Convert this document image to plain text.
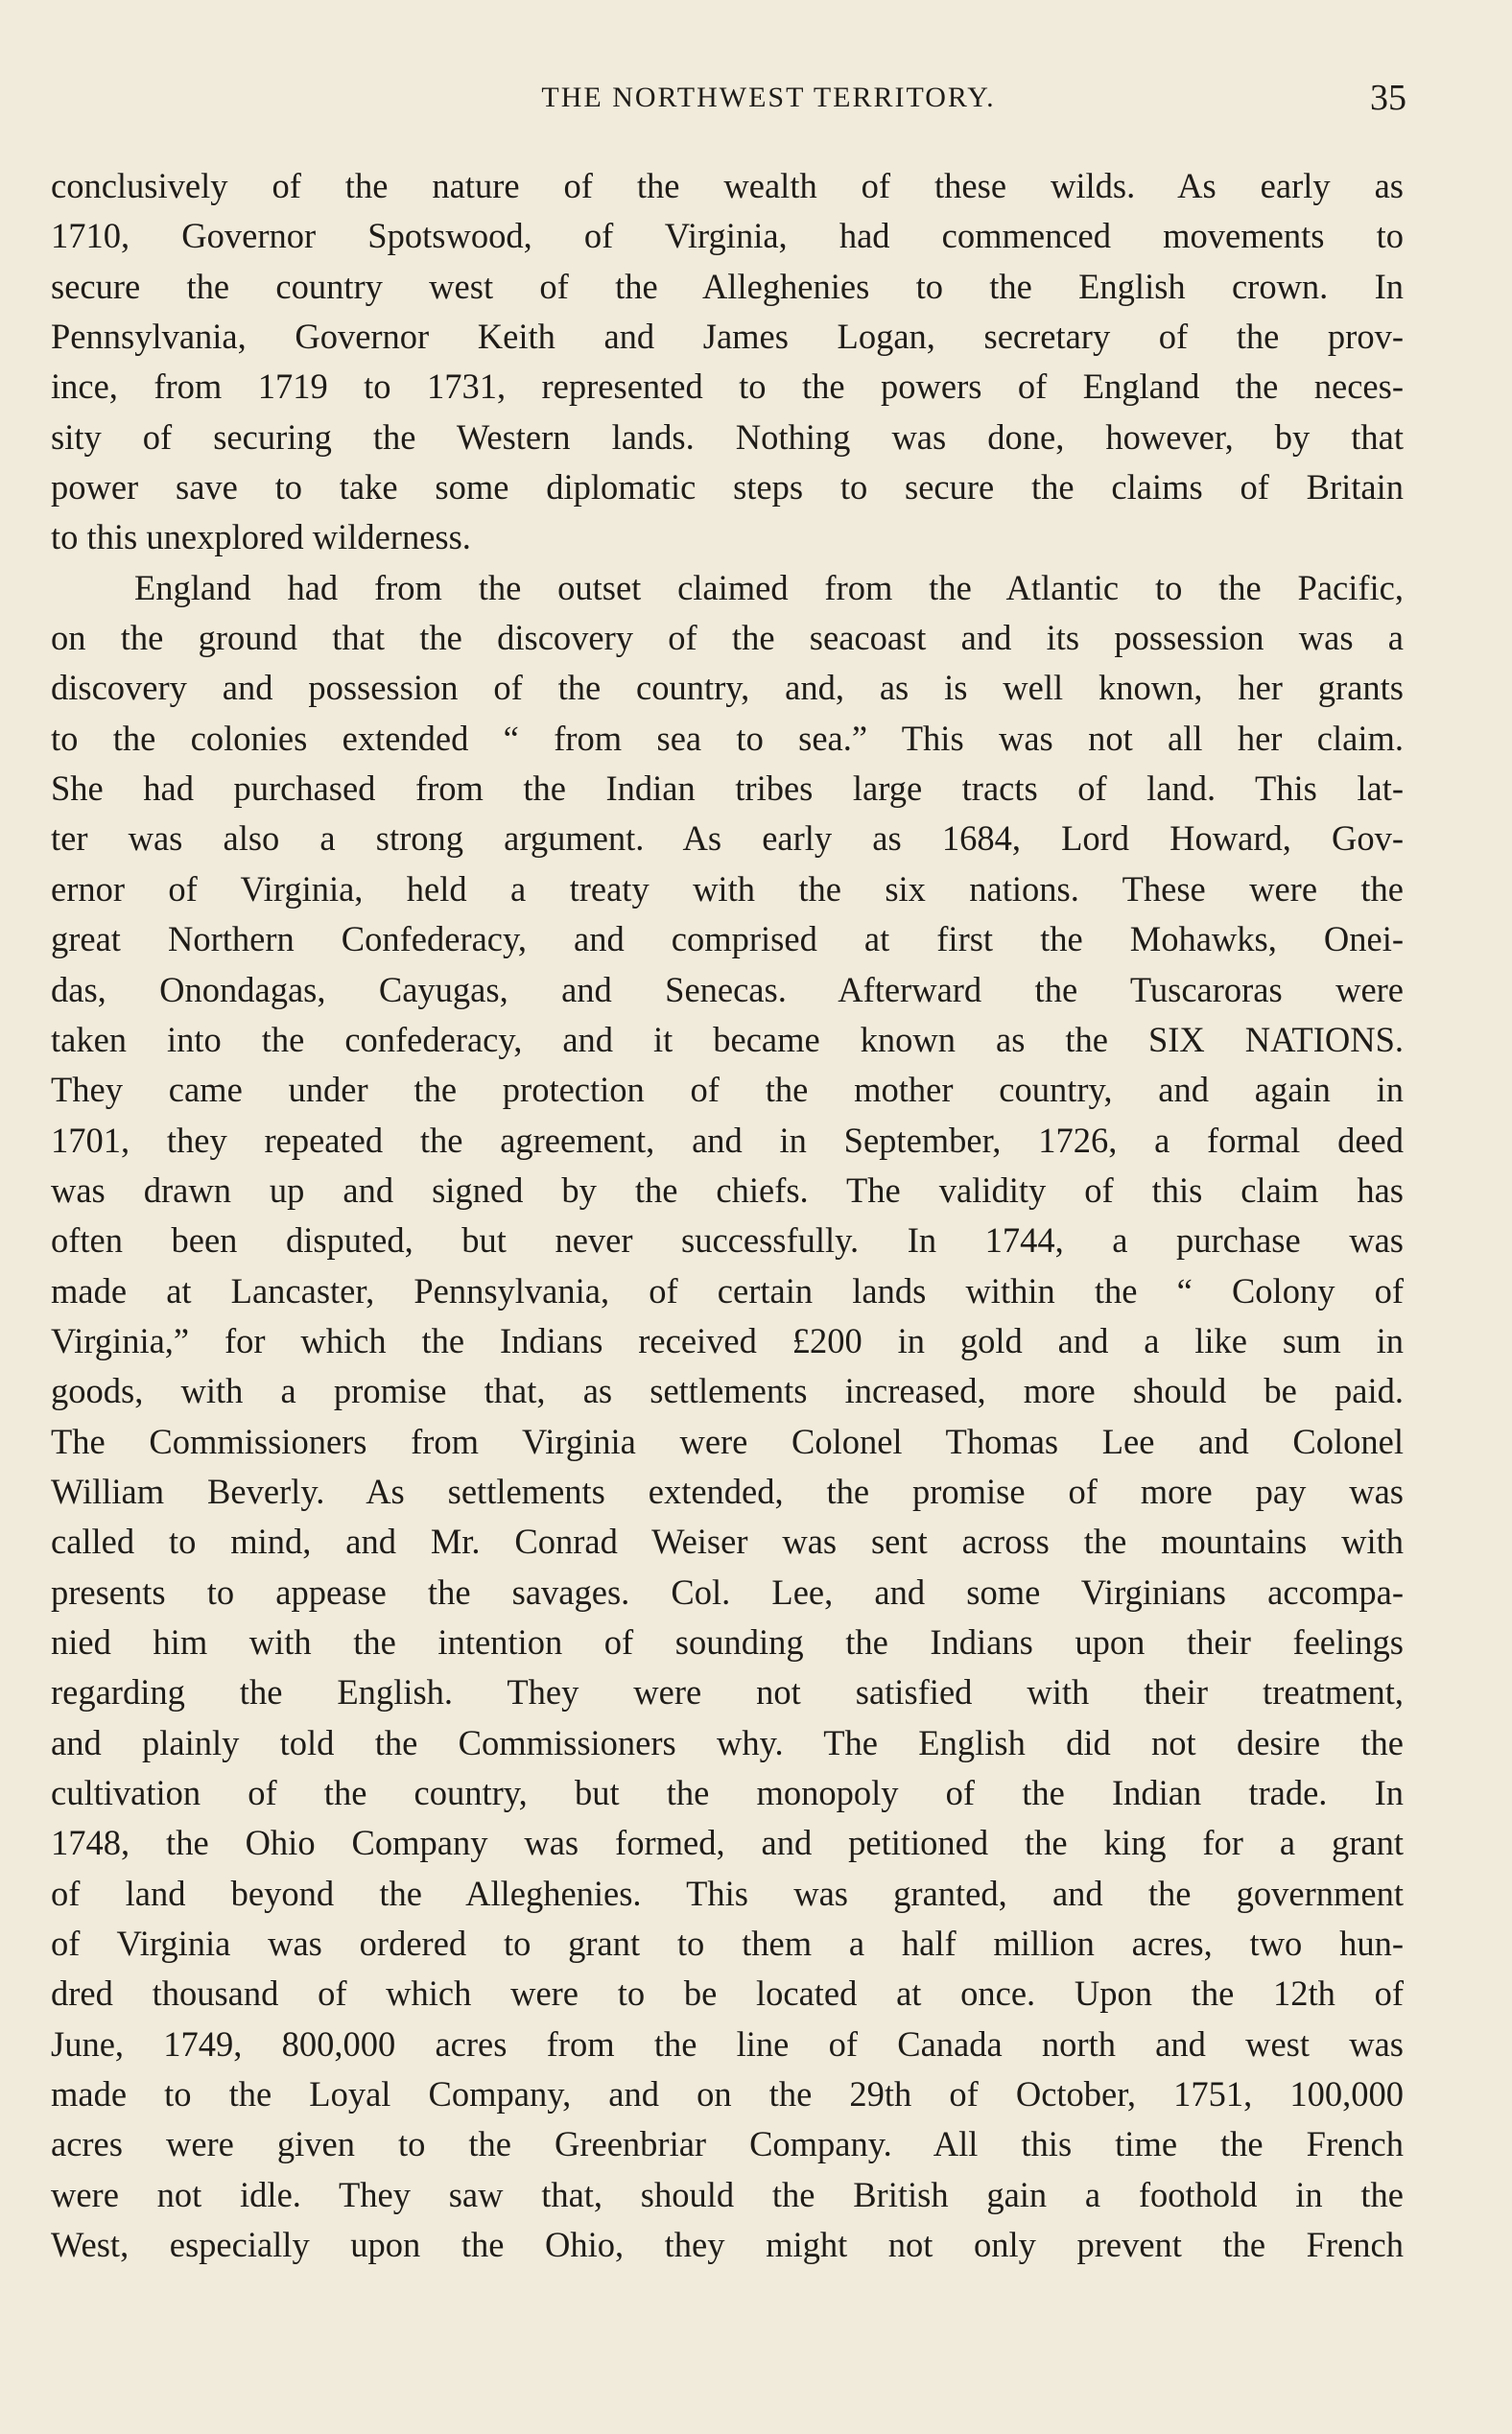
THE NORTHWEST TERRITORY.	35
conclusively of the nature of the wealth of these wilds. As early as
1710, Governor Spotswood, of Virginia, had commenced movements to
secure the country west of the Alleghenies to the English crown. In
Pennsylvania, Governor Keith and James Logan, secretary of the prov-
ince, from 1719 to 1731, represented to the powers of England the neces-
sity of securing the Western lands. Nothing was done, however, by that
power save to take some diplomatic steps to secure the claims of Britain
to this unexplored wilderness.
England had from the outset claimed from the Atlantic to the Pacific,
on the ground that the discovery of the seacoast and its possession was a
discovery and possession of the country, and, as is well known, her grants
to the colonies extended “ from sea to sea.” This was not all her claim.
She had purchased from the Indian tribes large tracts of land. This lat-
ter was also a strong argument. As early as 1684, Lord Howard, Gov-
ernor of Virginia, held a treaty with the six nations. These were the
great Northern Confederacy, and comprised at first the Mohawks, Onei-
das, Onondagas, Cayugas, and Senecas. Afterward the Tuscaroras were
taken into the confederacy, and it became known as the SIX NATIONS.
They came under the protection of the mother country, and again in
1701, they repeated the agreement, and in September, 1726, a formal deed
was drawn up and signed by the chiefs. The validity of this claim has
often been disputed, but never successfully. In 1744, a purchase was
made at Lancaster, Pennsylvania, of certain lands within the “ Colony of
Virginia,” for which the Indians received £200 in gold and a like sum in
goods, with a promise that, as settlements increased, more should be paid.
The Commissioners from Virginia were Colonel Thomas Lee and Colonel
William Beverly. As settlements extended, the promise of more pay was
called to mind, and Mr. Conrad Weiser was sent across the mountains with
presents to appease the savages. Col. Lee, and some Virginians accompa-
nied him with the intention of sounding the Indians upon their feelings
regarding the English. They were not satisfied with their treatment,
and plainly told the Commissioners why. The English did not desire the
cultivation of the country, but the monopoly of the Indian trade. In
1748, the Ohio Company was formed, and petitioned the king for a grant
of land beyond the Alleghenies. This was granted, and the government
of Virginia was ordered to grant to them a half million acres, two hun-
dred thousand of which were to be located at once. Upon the 12th of
June, 1749, 800,000 acres from the line of Canada north and west was
made to the Loyal Company, and on the 29th of October, 1751, 100,000
acres were given to the Greenbriar Company. All this time the French
were not idle. They saw that, should the British gain a foothold in the
West, especially upon the Ohio, they might not only prevent the French
